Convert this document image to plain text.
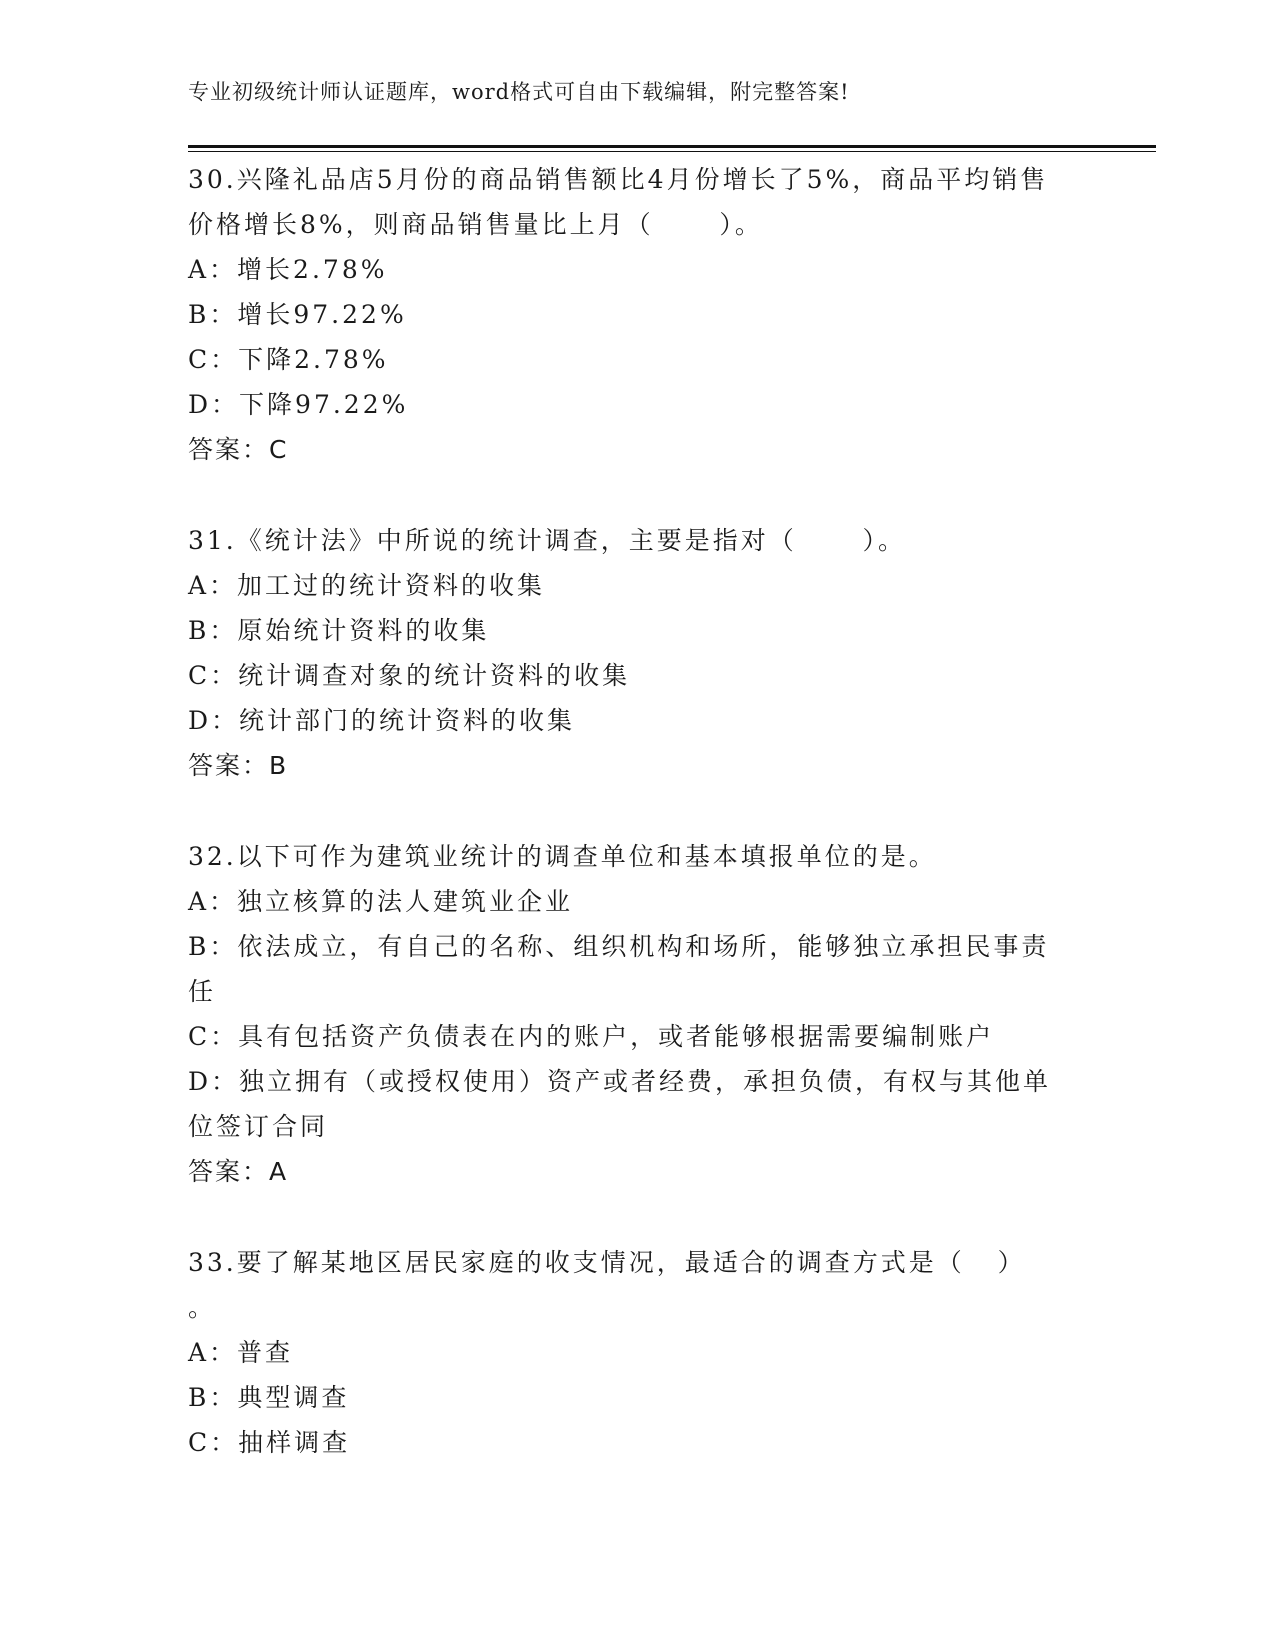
专业初级统计师认证题库，word格式可自由下载编辑，附完整答案!
30.兴隆礼品店5月份的商品销售额比4月份增长了5%，商品平均销售
价格增长8%，则商品销售量比上月（      ）。
A：增长2.78%
B：增长97.22%
C：下降2.78%
D：下降97.22%
答案：C
31.《统计法》中所说的统计调查，主要是指对（      ）。
A：加工过的统计资料的收集
B：原始统计资料的收集
C：统计调查对象的统计资料的收集
D：统计部门的统计资料的收集
答案：B
32.以下可作为建筑业统计的调查单位和基本填报单位的是。
A：独立核算的法人建筑业企业
B：依法成立，有自己的名称、组织机构和场所，能够独立承担民事责
任
C：具有包括资产负债表在内的账户，或者能够根据需要编制账户
D：独立拥有（或授权使用）资产或者经费，承担负债，有权与其他单
位签订合同
答案：A
33.要了解某地区居民家庭的收支情况，最适合的调查方式是（   ）
。
A：普查
B：典型调查
C：抽样调查
